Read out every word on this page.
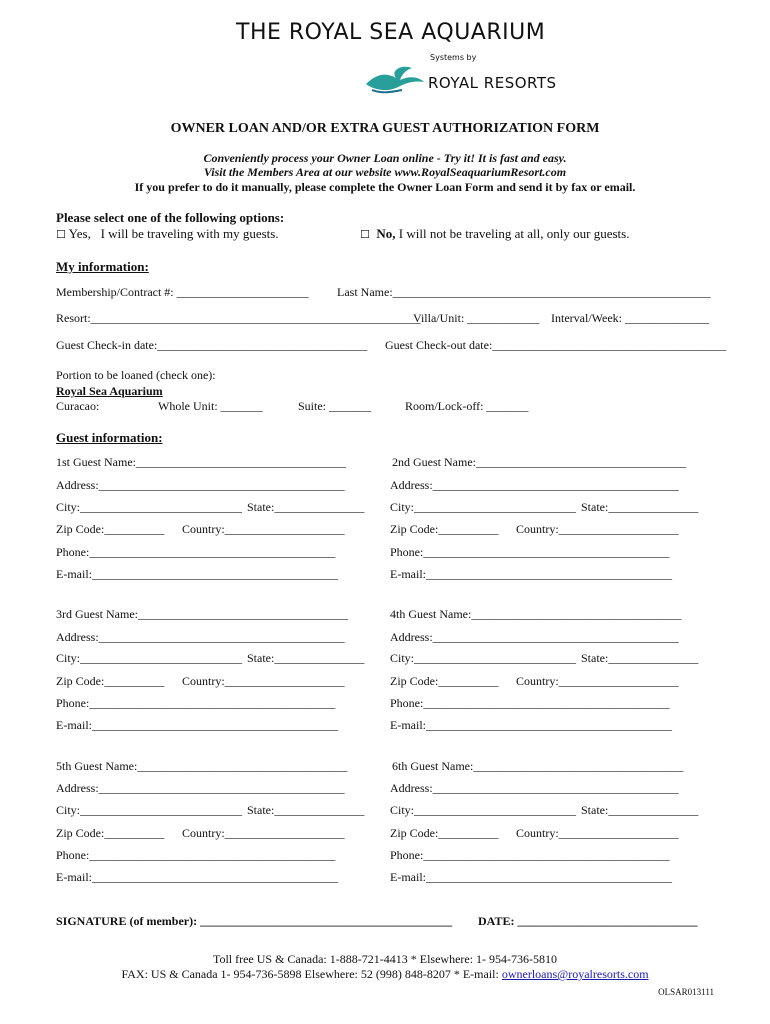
THE ROYAL SEA AQUARIUM
Systems by
ROYAL RESORTS
OWNER LOAN AND/OR EXTRA GUEST AUTHORIZATION FORM
Conveniently process your Owner Loan online - Try it! It is fast and easy.
Visit the Members Area at our website www.RoyalSeaquariumResort.com
If you prefer to do it manually, please complete the Owner Loan Form and send it by fax or email.
Please select one of the following options:
☐ Yes, I will be traveling with my guests.	☐ No, I will not be traveling at all, only our guests.
My information:
Membership/Contract #: ______________________ Last Name:_____________________________________________________
Resort:_______________________________________________________
Villa/Unit: ____________ Interval/Week: ______________
Guest Check-in date:___________________________________ Guest Check-out date:_______________________________________
Portion to be loaned (check one):
Royal Sea Aquarium
Curacao:	Whole Unit: _______	Suite: _______	Room/Lock-off: _______
Guest information:
1st Guest Name:___________________________________
Address:_________________________________________
City:___________________________ State:_______________
Zip Code:__________ Country:____________________
Phone:_________________________________________
E-mail:_________________________________________
2nd Guest Name:___________________________________
Address:_________________________________________
City:___________________________ State:_______________
Zip Code:__________ Country:____________________
Phone:_________________________________________
E-mail:_________________________________________
3rd Guest Name:___________________________________
Address:_________________________________________
City:___________________________ State:_______________
Zip Code:__________ Country:____________________
Phone:_________________________________________
E-mail:_________________________________________
4th Guest Name:___________________________________
Address:_________________________________________
City:___________________________ State:_______________
Zip Code:__________ Country:____________________
Phone:_________________________________________
E-mail:_________________________________________
5th Guest Name:___________________________________
Address:_________________________________________
City:___________________________ State:_______________
Zip Code:__________ Country:____________________
Phone:_________________________________________
E-mail:_________________________________________
6th Guest Name:___________________________________
Address:_________________________________________
City:___________________________ State:_______________
Zip Code:__________ Country:____________________
Phone:_________________________________________
E-mail:_________________________________________
SIGNATURE (of member): __________________________________________ DATE: ______________________________
Toll free US & Canada: 1-888-721-4413 * Elsewhere: 1- 954-736-5810
FAX: US & Canada 1- 954-736-5898 Elsewhere: 52 (998) 848-8207 * E-mail: ownerloans@royalresorts.com
OLSAR013111
